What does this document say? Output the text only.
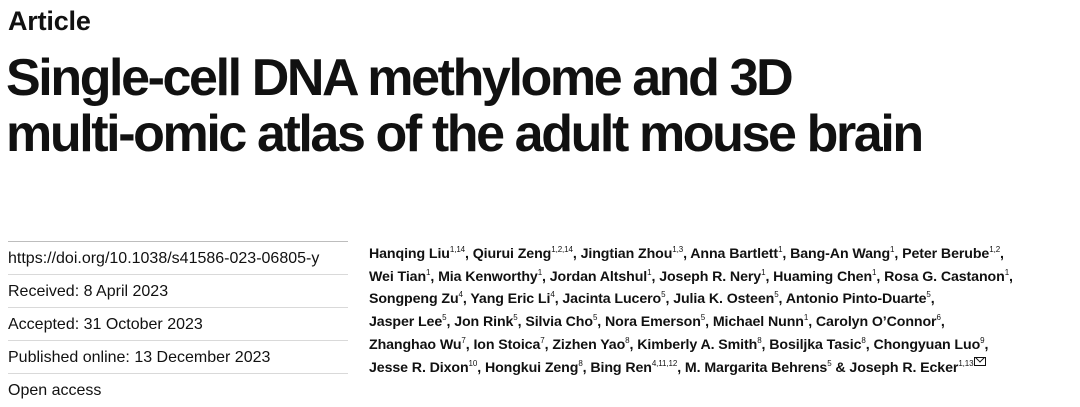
Article
Single-cell DNA methylome and 3D
multi-omic atlas of the adult mouse brain
https://doi.org/10.1038/s41586-023-06805-y
Received: 8 April 2023
Accepted: 31 October 2023
Published online: 13 December 2023
Open access
Hanqing Liu$^{1,14}$, Qiurui Zeng$^{1,2,14}$, Jingtian Zhou$^{1,3}$, Anna Bartlett$^1$, Bang-An Wang$^1$, Peter Berube$^{1,2}$,
Wei Tian$^1$, Mia Kenworthy$^1$, Jordan Altshul$^1$, Joseph R. Nery$^1$, Huaming Chen$^1$, Rosa G. Castanon$^1$,
Songpeng Zu$^4$, Yang Eric Li$^4$, Jacinta Lucero$^5$, Julia K. Osteen$^5$, Antonio Pinto-Duarte$^5$,
Jasper Lee$^5$, Jon Rink$^5$, Silvia Cho$^5$, Nora Emerson$^5$, Michael Nunn$^1$, Carolyn O’Connor$^6$,
Zhanghao Wu$^7$, Ion Stoica$^7$, Zizhen Yao$^8$, Kimberly A. Smith$^8$, Bosiljka Tasic$^8$, Chongyuan Luo$^9$,
Jesse R. Dixon$^{10}$, Hongkui Zeng$^8$, Bing Ren$^{4,11,12}$, M. Margarita Behrens$^5$ & Joseph R. Ecker$^{1,13}$
